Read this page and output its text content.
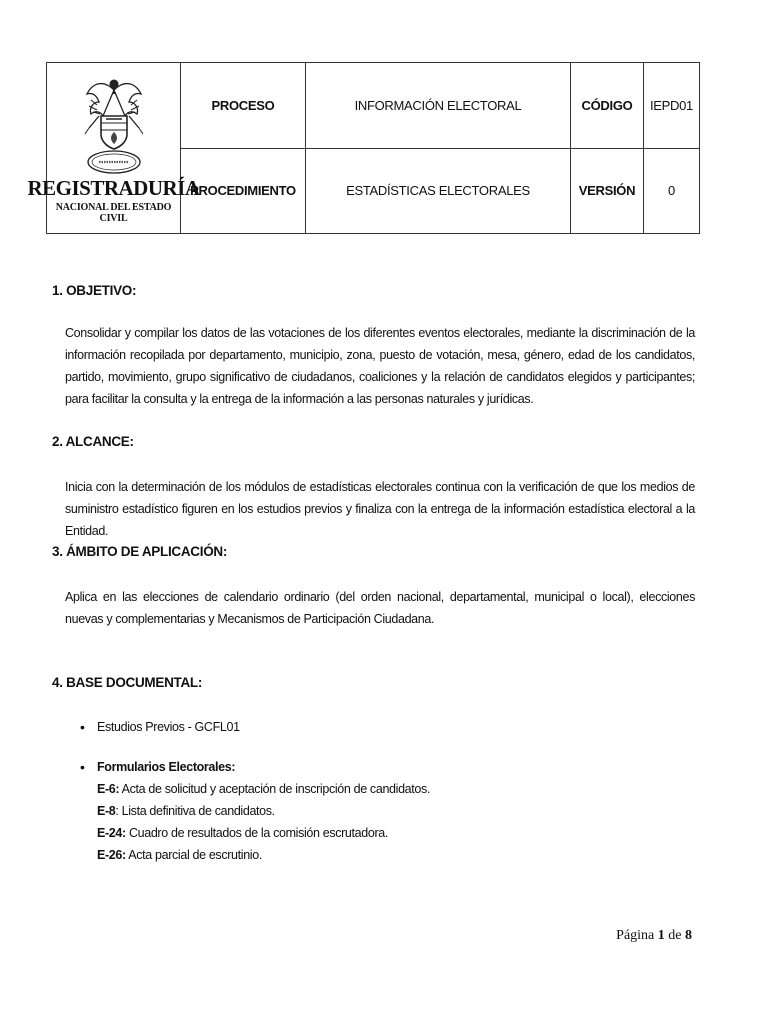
REGISTRADURÍA
NACIONAL DEL ESTADO CIVIL	PROCESO	INFORMACIÓN ELECTORAL	CÓDIGO	IEPD01
	PROCEDIMIENTO	ESTADÍSTICAS ELECTORALES	VERSIÓN	0
1. OBJETIVO:
Consolidar y compilar los datos de las votaciones de los diferentes eventos electorales, mediante la discriminación de la información recopilada por departamento, municipio, zona, puesto de votación, mesa, género, edad de los candidatos, partido, movimiento, grupo significativo de ciudadanos, coaliciones y la relación de candidatos elegidos y participantes; para facilitar la consulta y la entrega de la información a las personas naturales y jurídicas.
2. ALCANCE:
Inicia con la determinación de los módulos de estadísticas electorales continua con la verificación de que los medios de suministro estadístico figuren en los estudios previos y finaliza con la entrega de la información estadística electoral a la Entidad.
3. ÁMBITO DE APLICACIÓN:
Aplica en las elecciones de calendario ordinario (del orden nacional, departamental, municipal o local), elecciones nuevas y complementarias y Mecanismos de Participación Ciudadana.
4. BASE DOCUMENTAL:
• Estudios Previos - GCFL01
• Formularios Electorales:
E-6: Acta de solicitud y aceptación de inscripción de candidatos.
E-8: Lista definitiva de candidatos.
E-24: Cuadro de resultados de la comisión escrutadora.
E-26: Acta parcial de escrutinio.
Página 1 de 8
